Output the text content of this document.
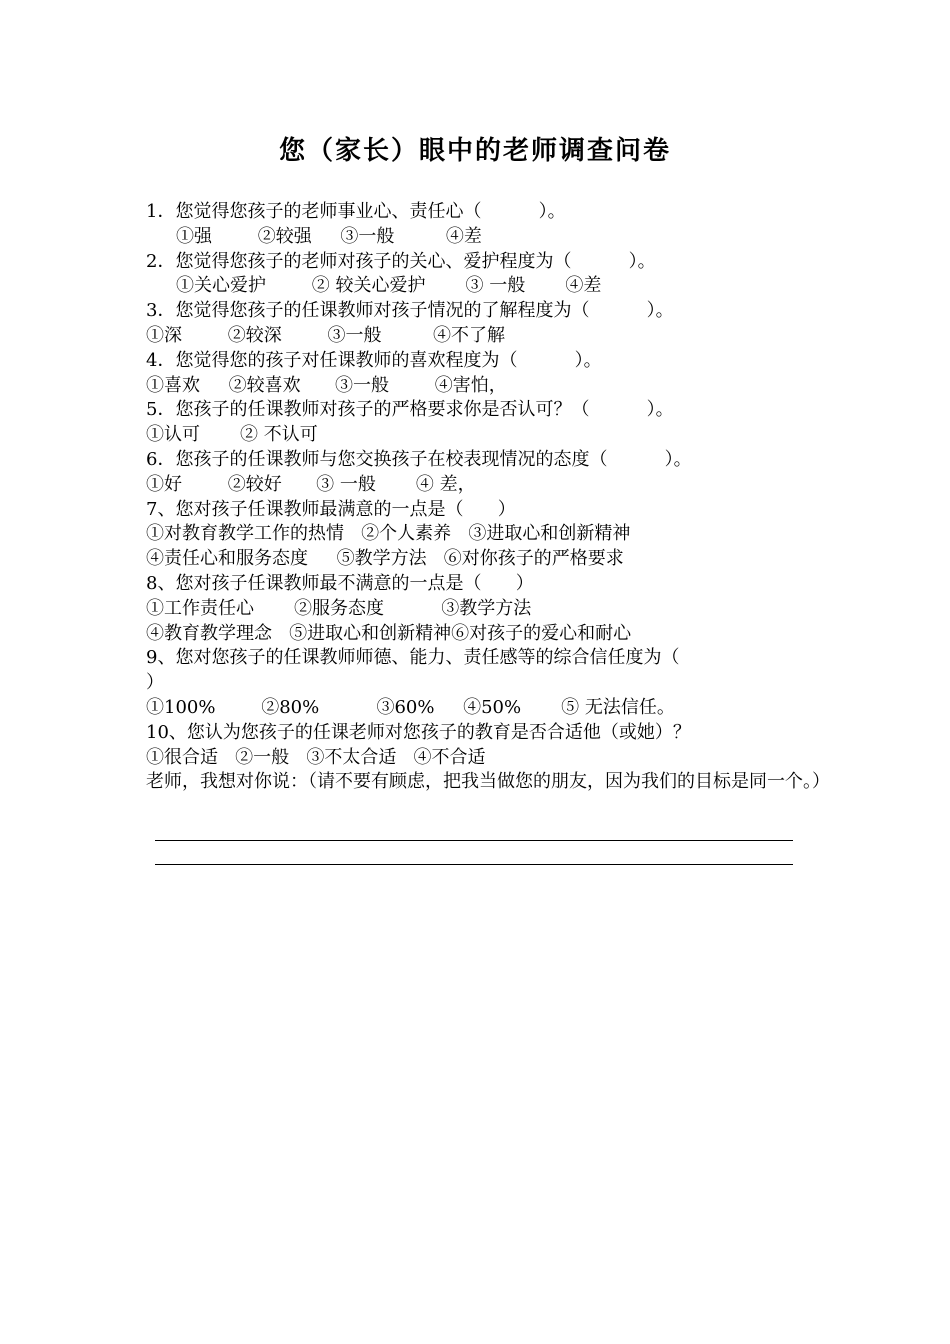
您（家长）眼中的老师调查问卷
1．您觉得您孩子的老师事业心、责任心（          ）。
①强        ②较强     ③一般         ④差
2．您觉得您孩子的老师对孩子的关心、爱护程度为（          ）。
①关心爱护        ② 较关心爱护       ③ 一般       ④差
3．您觉得您孩子的任课教师对孩子情况的了解程度为（          ）。
①深        ②较深        ③一般         ④不了解
4．您觉得您的孩子对任课教师的喜欢程度为（          ）。
①喜欢     ②较喜欢      ③一般        ④害怕，
5．您孩子的任课教师对孩子的严格要求你是否认可？（          ）。
①认可       ② 不认可
6．您孩子的任课教师与您交换孩子在校表现情况的态度（          ）。
①好        ②较好      ③ 一般       ④ 差，
7、您对孩子任课教师最满意的一点是（      ）
①对教育教学工作的热情   ②个人素养   ③进取心和创新精神
④责任心和服务态度     ⑤教学方法   ⑥对你孩子的严格要求
8、您对孩子任课教师最不满意的一点是（      ）
①工作责任心       ②服务态度          ③教学方法
④教育教学理念   ⑤进取心和创新精神⑥对孩子的爱心和耐心
9、您对您孩子的任课教师师德、能力、责任感等的综合信任度为（
）
①100%        ②80%          ③60%     ④50%       ⑤ 无法信任。
10、您认为您孩子的任课老师对您孩子的教育是否合适他（或她）？
①很合适   ②一般   ③不太合适   ④不合适
老师，我想对你说：（请不要有顾虑，把我当做您的朋友，因为我们的目标是同一个。）
